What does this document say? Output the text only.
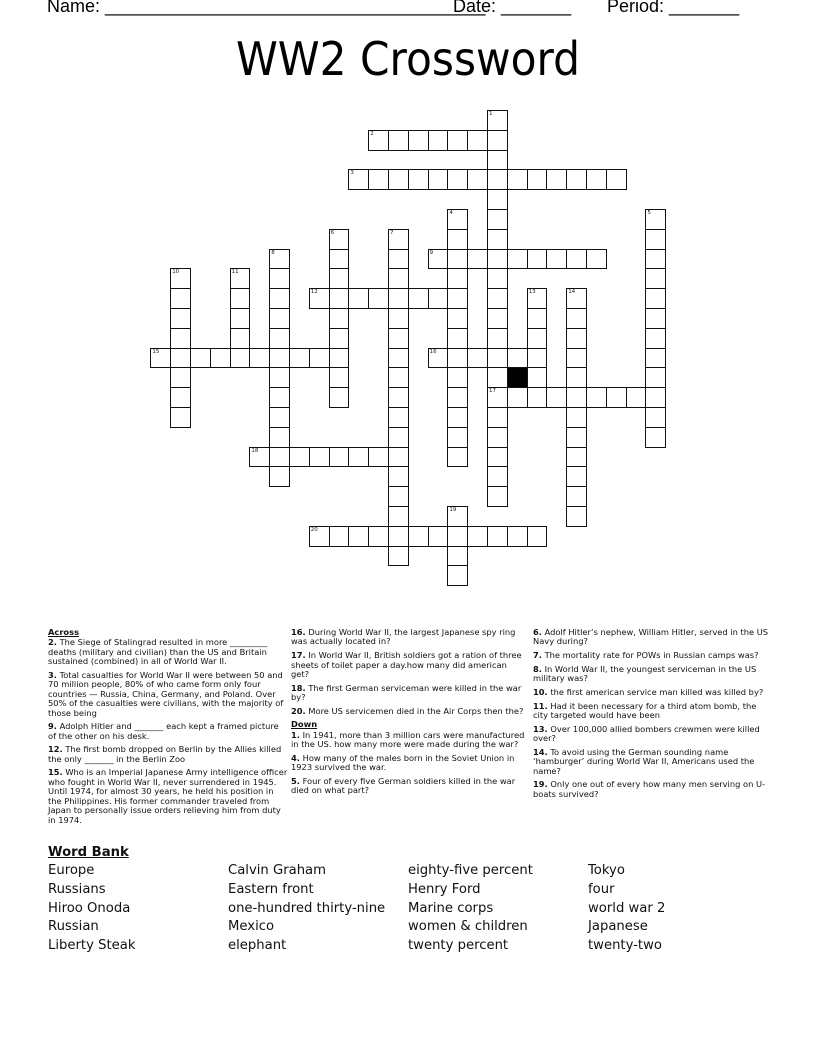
Name: ______________________________________

Date: _______

Period: _______

WW2 Crossword
1
17
2
3
4	5
6	7
8	9
10	11
12	13	14
15	16
18
19
20
Across
2. The Siege of Stalingrad resulted in more _________ deaths (military and civilian) than the US and Britain sustained (combined) in all of World War II.
3. Total casualties for World War II were between 50 and 70 million people, 80% of who came form only four countries — Russia, China, Germany, and Poland. Over 50% of the casualties were civilians, with the majority of those being
9. Adolph Hitler and _______ each kept a framed picture of the other on his desk.
12. The first bomb dropped on Berlin by the Allies killed the only _______ in the Berlin Zoo
15. Who is an Imperial Japanese Army intelligence officer who fought in World War II, never surrendered in 1945. Until 1974, for almost 30 years, he held his position in the Philippines. His former commander traveled from Japan to personally issue orders relieving him from duty in 1974.
16. During World War II, the largest Japanese spy ring was actually located in?
17. In World War II, British soldiers got a ration of three sheets of toilet paper a day.how many did american get?
18. The first German serviceman were killed in the war by?
20. More US servicemen died in the Air Corps then the?
Down
1. In 1941, more than 3 million cars were manufactured in the US. how many more were made during the war?
4. How many of the males born in the Soviet Union in 1923 survived the war.
5. Four of every five German soldiers killed in the war died on what part?
6. Adolf Hitler’s nephew, William Hitler, served in the US Navy during?
7. The mortality rate for POWs in Russian camps was?
8. In World War II, the youngest serviceman in the US military was?
10. the first american service man killed was killed by?
11. Had it been necessary for a third atom bomb, the city targeted would have been
13. Over 100,000 allied bombers crewmen were killed over?
14. To avoid using the German sounding name ‘hamburger’ during World War II, Americans used the name?
19. Only one out of every how many men serving on U-boats survived?
Word Bank
Europe
Russians
Hiroo Onoda
Russian
Liberty Steak
Calvin Graham
Eastern front
one-hundred thirty-nine
Mexico
elephant
eighty-five percent
Henry Ford
Marine corps
women & children
twenty percent
Tokyo
four
world war 2
Japanese
twenty-two
